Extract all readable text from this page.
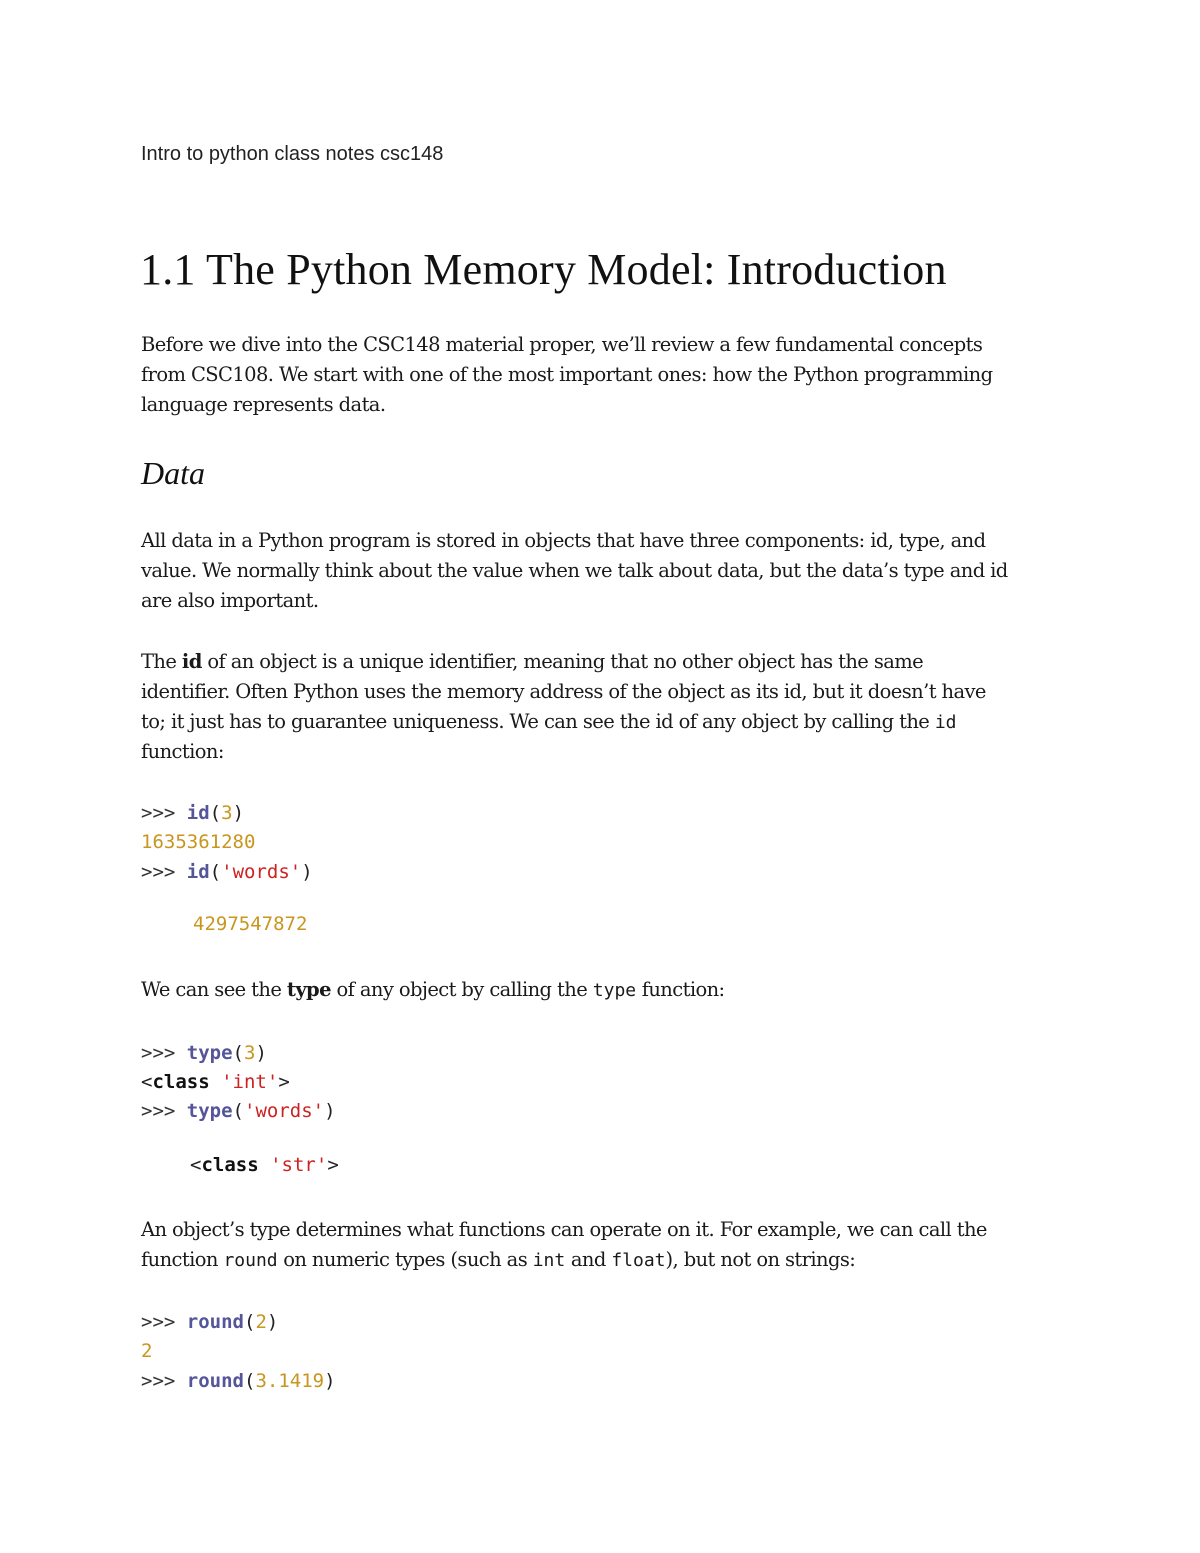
Intro to python class notes csc148
1.1 The Python Memory Model: Introduction
Before we dive into the CSC148 material proper, we’ll review a few fundamental concepts
from CSC108. We start with one of the most important ones: how the Python programming
language represents data.
Data
All data in a Python program is stored in objects that have three components: id, type, and
value. We normally think about the value when we talk about data, but the data’s type and id
are also important.
The id of an object is a unique identifier, meaning that no other object has the same
identifier. Often Python uses the memory address of the object as its id, but it doesn’t have
to; it just has to guarantee uniqueness. We can see the id of any object by calling the id
function:
>>> id(3)
1635361280
>>> id('words')
4297547872
We can see the type of any object by calling the type function:
>>> type(3)
<class 'int'>
>>> type('words')
<class 'str'>
An object’s type determines what functions can operate on it. For example, we can call the
function round on numeric types (such as int and float), but not on strings:
>>> round(2)
2
>>> round(3.1419)
